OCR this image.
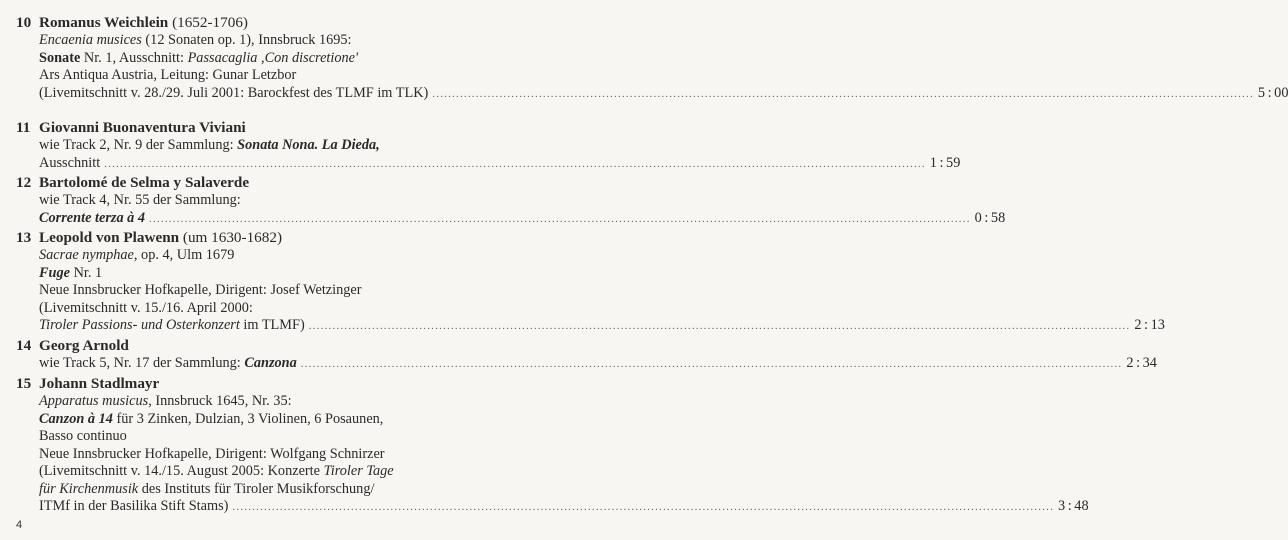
10 Romanus Weichlein (1652-1706)
Encaenia musices (12 Sonaten op. 1), Innsbruck 1695:
Sonate Nr. 1, Ausschnitt: Passacaglia ,Con discretione'
Ars Antiqua Austria, Leitung: Gunar Letzbor
(Livemitschnitt v. 28./29. Juli 2001: Barockfest des TLMF im TLK) ................................................................................................................................................................................................................ 5 : 00
11 Giovanni Buonaventura Viviani
wie Track 2, Nr. 9 der Sammlung: Sonata Nona. La Dieda,
Ausschnitt ................................................................................................................................................................................................................ 1 : 59
12 Bartolomé de Selma y Salaverde
wie Track 4, Nr. 55 der Sammlung:
Corrente terza à 4 ................................................................................................................................................................................................................ 0 : 58
13 Leopold von Plawenn (um 1630-1682)
Sacrae nymphae, op. 4, Ulm 1679
Fuge Nr. 1
Neue Innsbrucker Hofkapelle, Dirigent: Josef Wetzinger
(Livemitschnitt v. 15./16. April 2000:
Tiroler Passions- und Osterkonzert im TLMF) ................................................................................................................................................................................................................ 2 : 13
14 Georg Arnold
wie Track 5, Nr. 17 der Sammlung: Canzona ................................................................................................................................................................................................................ 2 : 34
15 Johann Stadlmayr
Apparatus musicus, Innsbruck 1645, Nr. 35:
Canzon à 14 für 3 Zinken, Dulzian, 3 Violinen, 6 Posaunen,
Basso continuo
Neue Innsbrucker Hofkapelle, Dirigent: Wolfgang Schnirzer
(Livemitschnitt v. 14./15. August 2005: Konzerte Tiroler Tage
für Kirchenmusik des Instituts für Tiroler Musikforschung/
ITMf in der Basilika Stift Stams) ................................................................................................................................................................................................................ 3 : 48
4
